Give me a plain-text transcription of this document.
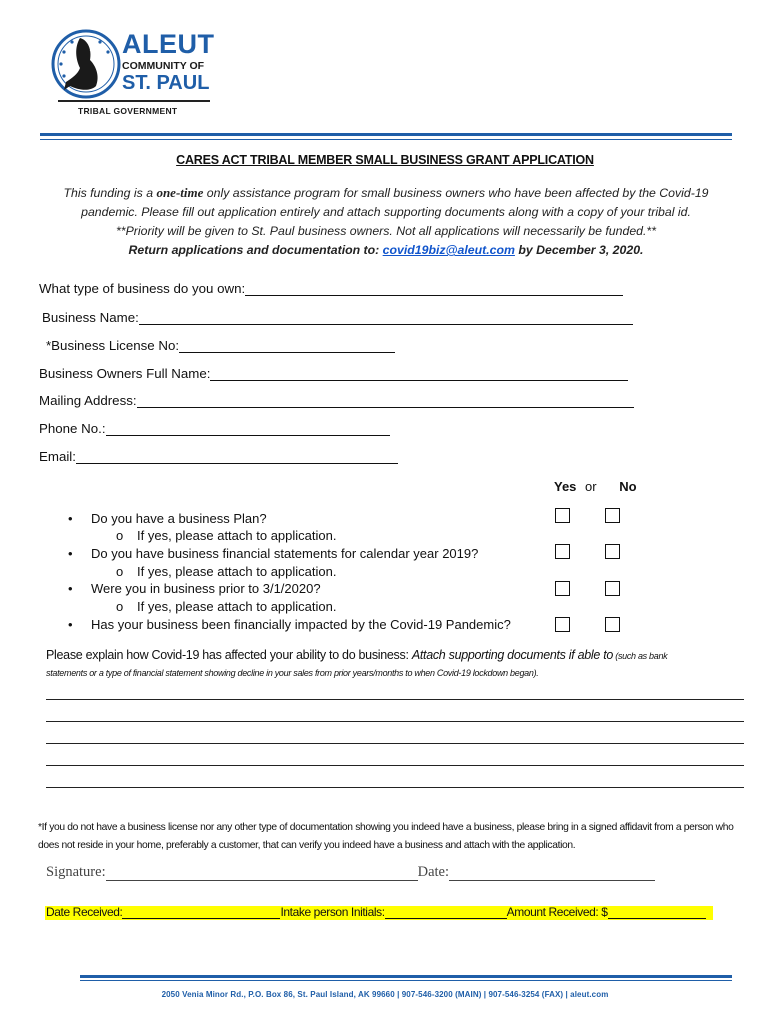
ALEUT
COMMUNITY OF
ST. PAUL
TRIBAL GOVERNMENT
CARES ACT TRIBAL MEMBER SMALL BUSINESS GRANT APPLICATION
This funding is a one-time only assistance program for small business owners who have been affected by the Covid-19 pandemic. Please fill out application entirely and attach supporting documents along with a copy of your tribal id.
**Priority will be given to St. Paul business owners. Not all applications will necessarily be funded.**
Return applications and documentation to: covid19biz@aleut.com by December 3, 2020.
What type of business do you own:
Business Name:
*Business License No:
Business Owners Full Name:
Mailing Address:
Phone No.:
Email:
Yes or No
• Do you have a business Plan?
o If yes, please attach to application.
• Do you have business financial statements for calendar year 2019?
o If yes, please attach to application.
• Were you in business prior to 3/1/2020?
o If yes, please attach to application.
• Has your business been financially impacted by the Covid-19 Pandemic?
Please explain how Covid-19 has affected your ability to do business: Attach supporting documents if able to (such as bank
statements or a type of financial statement showing decline in your sales from prior years/months to when Covid-19 lockdown began).
*If you do not have a business license nor any other type of documentation showing you indeed have a business, please bring in a signed affidavit from a person who does not reside in your home, preferably a customer, that can verify you indeed have a business and attach with the application.
Signature:	Date:
Date Received:	Intake person Initials:	Amount Received: $
2050 Venia Minor Rd., P.O. Box 86, St. Paul Island, AK 99660 | 907-546-3200 (MAIN) | 907-546-3254 (FAX) | aleut.com
